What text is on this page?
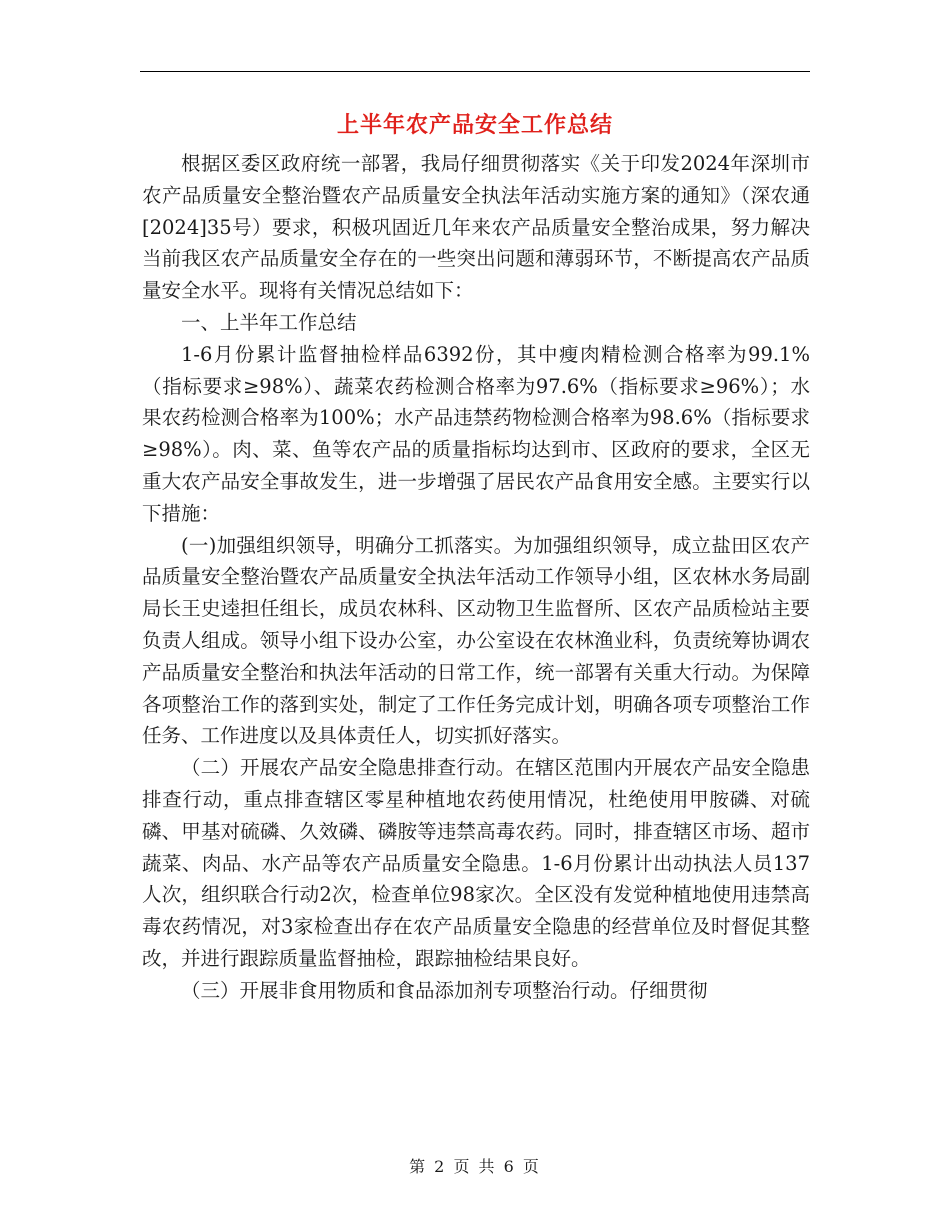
上半年农产品安全工作总结

根据区委区政府统一部署，我局仔细贯彻落实《关于印发2024年深圳市农产品质量安全整治暨农产品质量安全执法年活动实施方案的通知》（深农通[2024]35号）要求，积极巩固近几年来农产品质量安全整治成果，努力解决当前我区农产品质量安全存在的一些突出问题和薄弱环节，不断提高农产品质量安全水平。现将有关情况总结如下：

一、上半年工作总结

1-6月份累计监督抽检样品6392份，其中瘦肉精检测合格率为99.1%（指标要求≥98%）、蔬菜农药检测合格率为97.6%（指标要求≥96%）；水果农药检测合格率为100%；水产品违禁药物检测合格率为98.6%（指标要求≥98%）。肉、菜、鱼等农产品的质量指标均达到市、区政府的要求，全区无重大农产品安全事故发生，进一步增强了居民农产品食用安全感。主要实行以下措施：

(一)加强组织领导，明确分工抓落实。为加强组织领导，成立盐田区农产品质量安全整治暨农产品质量安全执法年活动工作领导小组，区农林水务局副局长王史逵担任组长，成员农林科、区动物卫生监督所、区农产品质检站主要负责人组成。领导小组下设办公室，办公室设在农林渔业科，负责统筹协调农产品质量安全整治和执法年活动的日常工作，统一部署有关重大行动。为保障各项整治工作的落到实处，制定了工作任务完成计划，明确各项专项整治工作任务、工作进度以及具体责任人，切实抓好落实。

（二）开展农产品安全隐患排查行动。在辖区范围内开展农产品安全隐患排查行动，重点排查辖区零星种植地农药使用情况，杜绝使用甲胺磷、对硫磷、甲基对硫磷、久效磷、磷胺等违禁高毒农药。同时，排查辖区市场、超市蔬菜、肉品、水产品等农产品质量安全隐患。1-6月份累计出动执法人员137人次，组织联合行动2次，检查单位98家次。全区没有发觉种植地使用违禁高毒农药情况，对3家检查出存在农产品质量安全隐患的经营单位及时督促其整改，并进行跟踪质量监督抽检，跟踪抽检结果良好。

（三）开展非食用物质和食品添加剂专项整治行动。仔细贯彻

第 2 页 共 6 页
